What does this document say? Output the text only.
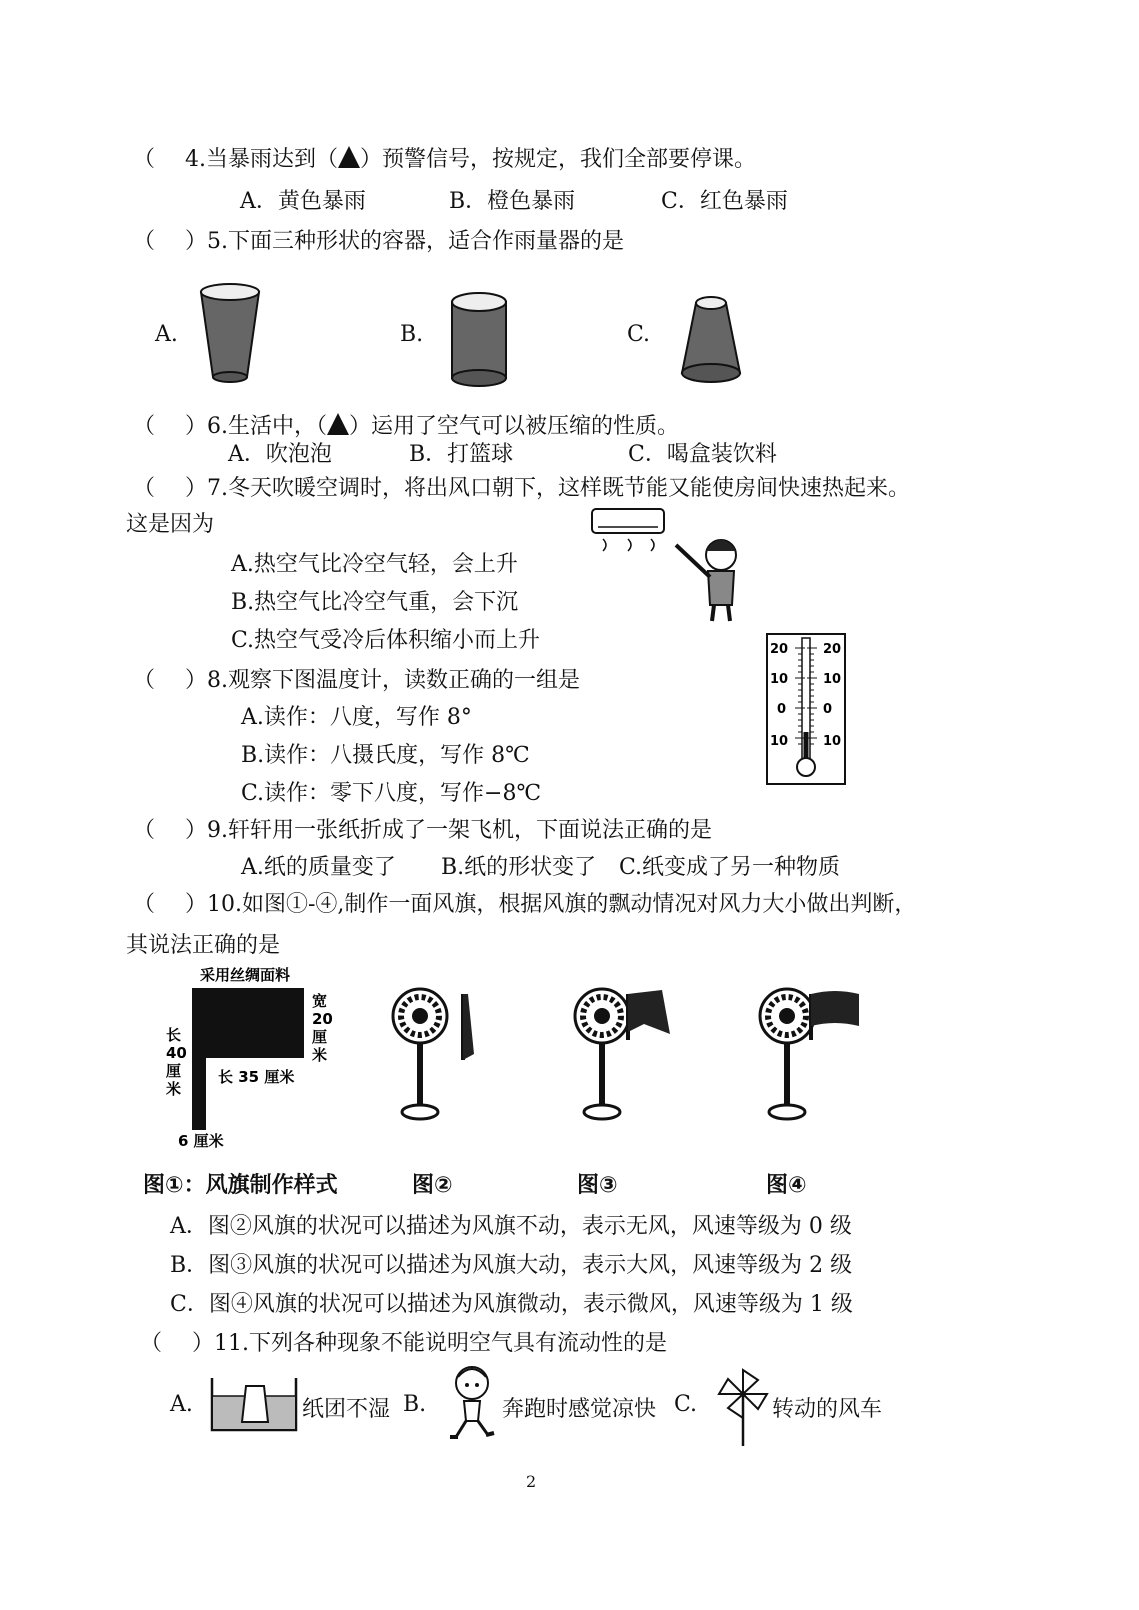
（ 4.当暴雨达到（ ）预警信号，按规定，我们全部要停课。
A．黄色暴雨	B．橙色暴雨	C．红色暴雨
（ ）5.下面三种形状的容器，适合作雨量器的是
A.	B.	C.
（ ）6.生活中，（ ）运用了空气可以被压缩的性质。
A．吹泡泡	B．打篮球	C．喝盒装饮料
（ ）7.冬天吹暖空调时，将出风口朝下，这样既节能又能使房间快速热起来。
这是因为
A.热空气比冷空气轻，会上升
B.热空气比冷空气重，会下沉
C.热空气受冷后体积缩小而上升
（ ）8.观察下图温度计，读数正确的一组是
A.读作：八度，写作 8°
B.读作：八摄氏度，写作 8℃
C.读作：零下八度，写作−8℃
20
10
0
10
20
10
0
10
（ ）9.轩轩用一张纸折成了一架飞机，下面说法正确的是
A.纸的质量变了 B.纸的形状变了 C.纸变成了另一种物质
（ ）10.如图①-④,制作一面风旗，根据风旗的飘动情况对风力大小做出判断，
其说法正确的是
采用丝绸面料
宽
20
厘
米
长
40
厘
米
长 35 厘米
6 厘米
图①：风旗制作样式	图②	图③	图④
A．图②风旗的状况可以描述为风旗不动，表示无风，风速等级为 0 级
B．图③风旗的状况可以描述为风旗大动，表示大风，风速等级为 2 级
C．图④风旗的状况可以描述为风旗微动，表示微风，风速等级为 1 级
（ ）11.下列各种现象不能说明空气具有流动性的是
A.	纸团不湿 B.	奔跑时感觉凉快 C.	转动的风车
2
